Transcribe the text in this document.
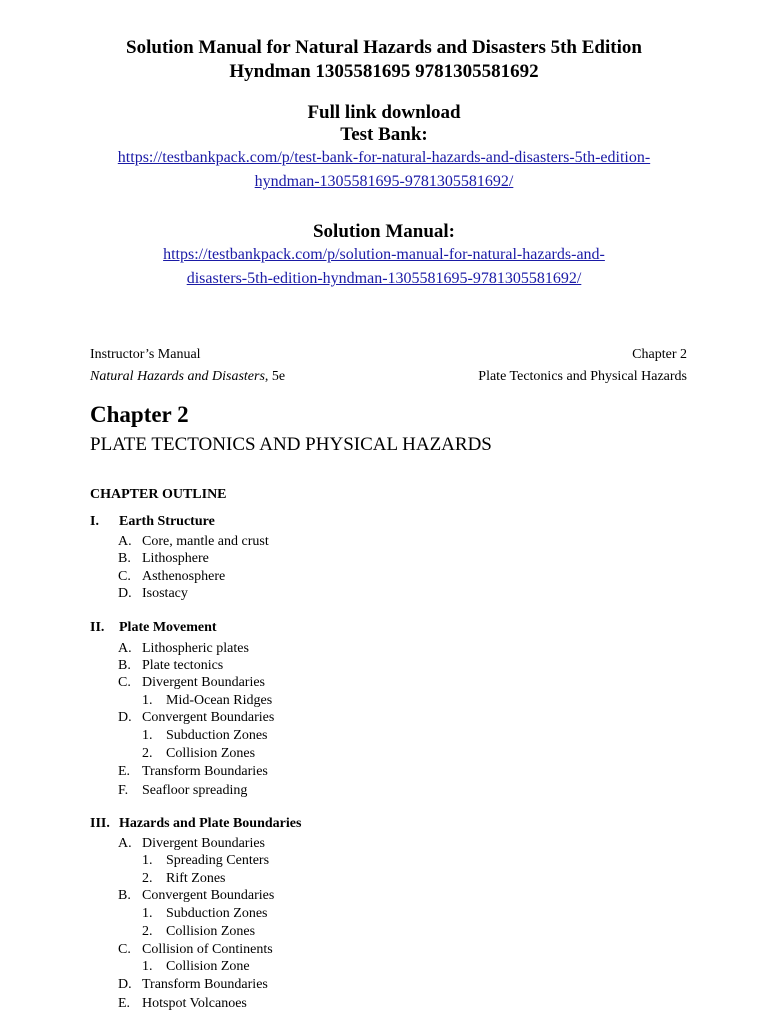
Solution Manual for Natural Hazards and Disasters 5th Edition
Hyndman 1305581695 9781305581692
Full link download
Test Bank:
https://testbankpack.com/p/test-bank-for-natural-hazards-and-disasters-5th-edition-
hyndman-1305581695-9781305581692/
Solution Manual:
https://testbankpack.com/p/solution-manual-for-natural-hazards-and-
disasters-5th-edition-hyndman-1305581695-9781305581692/
Instructor’s Manual
Natural Hazards and Disasters, 5e
Chapter 2
Plate Tectonics and Physical Hazards
Chapter 2
PLATE TECTONICS AND PHYSICAL HAZARDS
CHAPTER OUTLINE
I. Earth Structure
A. Core, mantle and crust
B. Lithosphere
C. Asthenosphere
D. Isostacy
II. Plate Movement
A. Lithospheric plates
B. Plate tectonics
C. Divergent Boundaries
1. Mid-Ocean Ridges
D. Convergent Boundaries
1. Subduction Zones
2. Collision Zones
E. Transform Boundaries
F. Seafloor spreading
III. Hazards and Plate Boundaries
A. Divergent Boundaries
1. Spreading Centers
2. Rift Zones
B. Convergent Boundaries
1. Subduction Zones
2. Collision Zones
C. Collision of Continents
1. Collision Zone
D. Transform Boundaries
E. Hotspot Volcanoes
